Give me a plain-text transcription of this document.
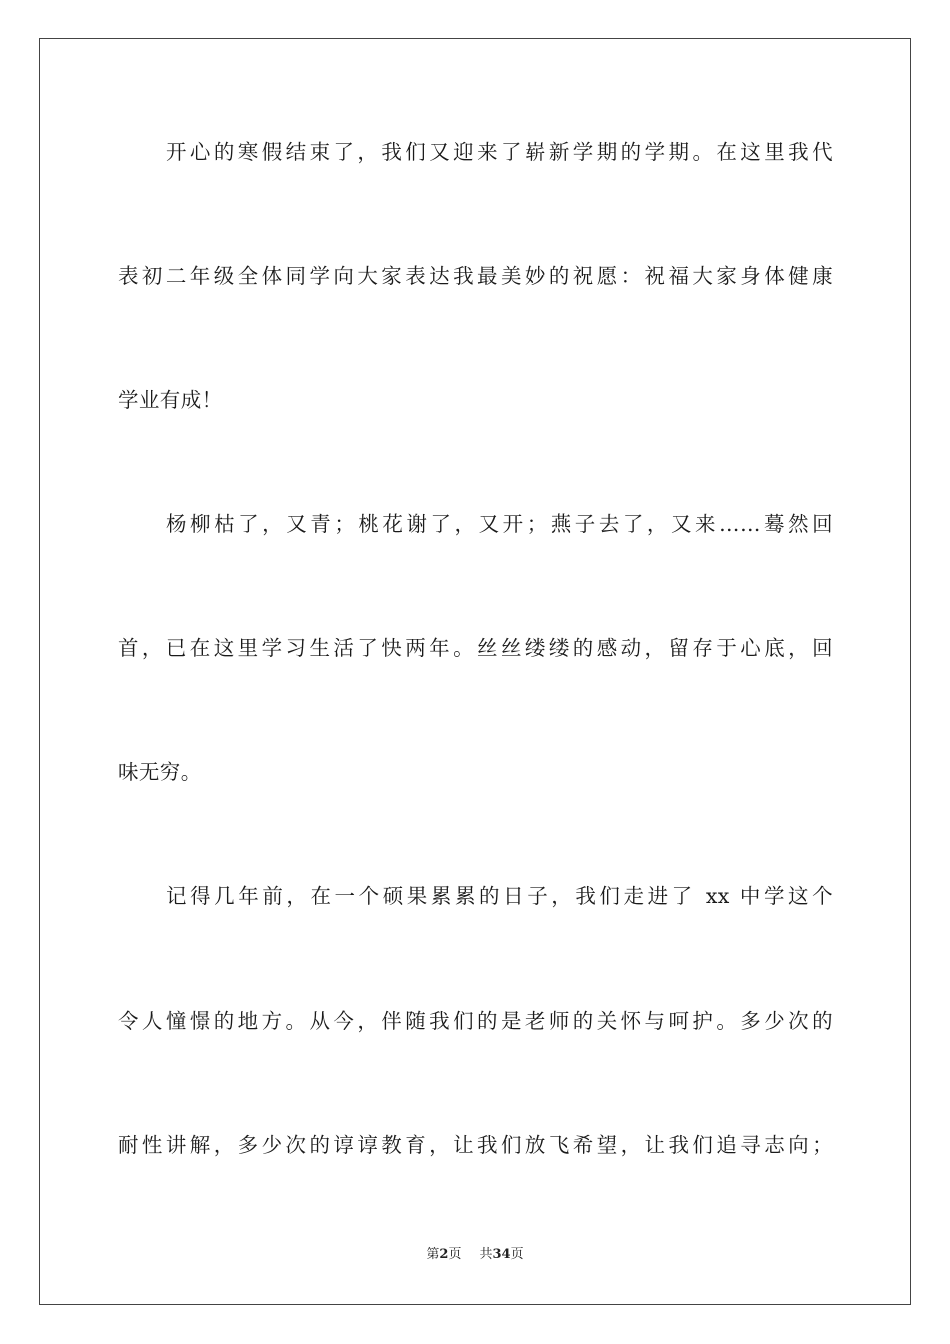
开心的寒假结束了，我们又迎来了崭新学期的学期。在这里我代
表初二年级全体同学向大家表达我最美妙的祝愿：祝福大家身体健康
学业有成！
杨柳枯了，又青；桃花谢了，又开；燕子去了，又来……蓦然回
首，已在这里学习生活了快两年。丝丝缕缕的感动，留存于心底，回
味无穷。
记得几年前，在一个硕果累累的日子，我们走进了 xx 中学这个
令人憧憬的地方。从今，伴随我们的是老师的关怀与呵护。多少次的
耐性讲解，多少次的谆谆教育，让我们放飞希望，让我们追寻志向；
第2页 共34页
